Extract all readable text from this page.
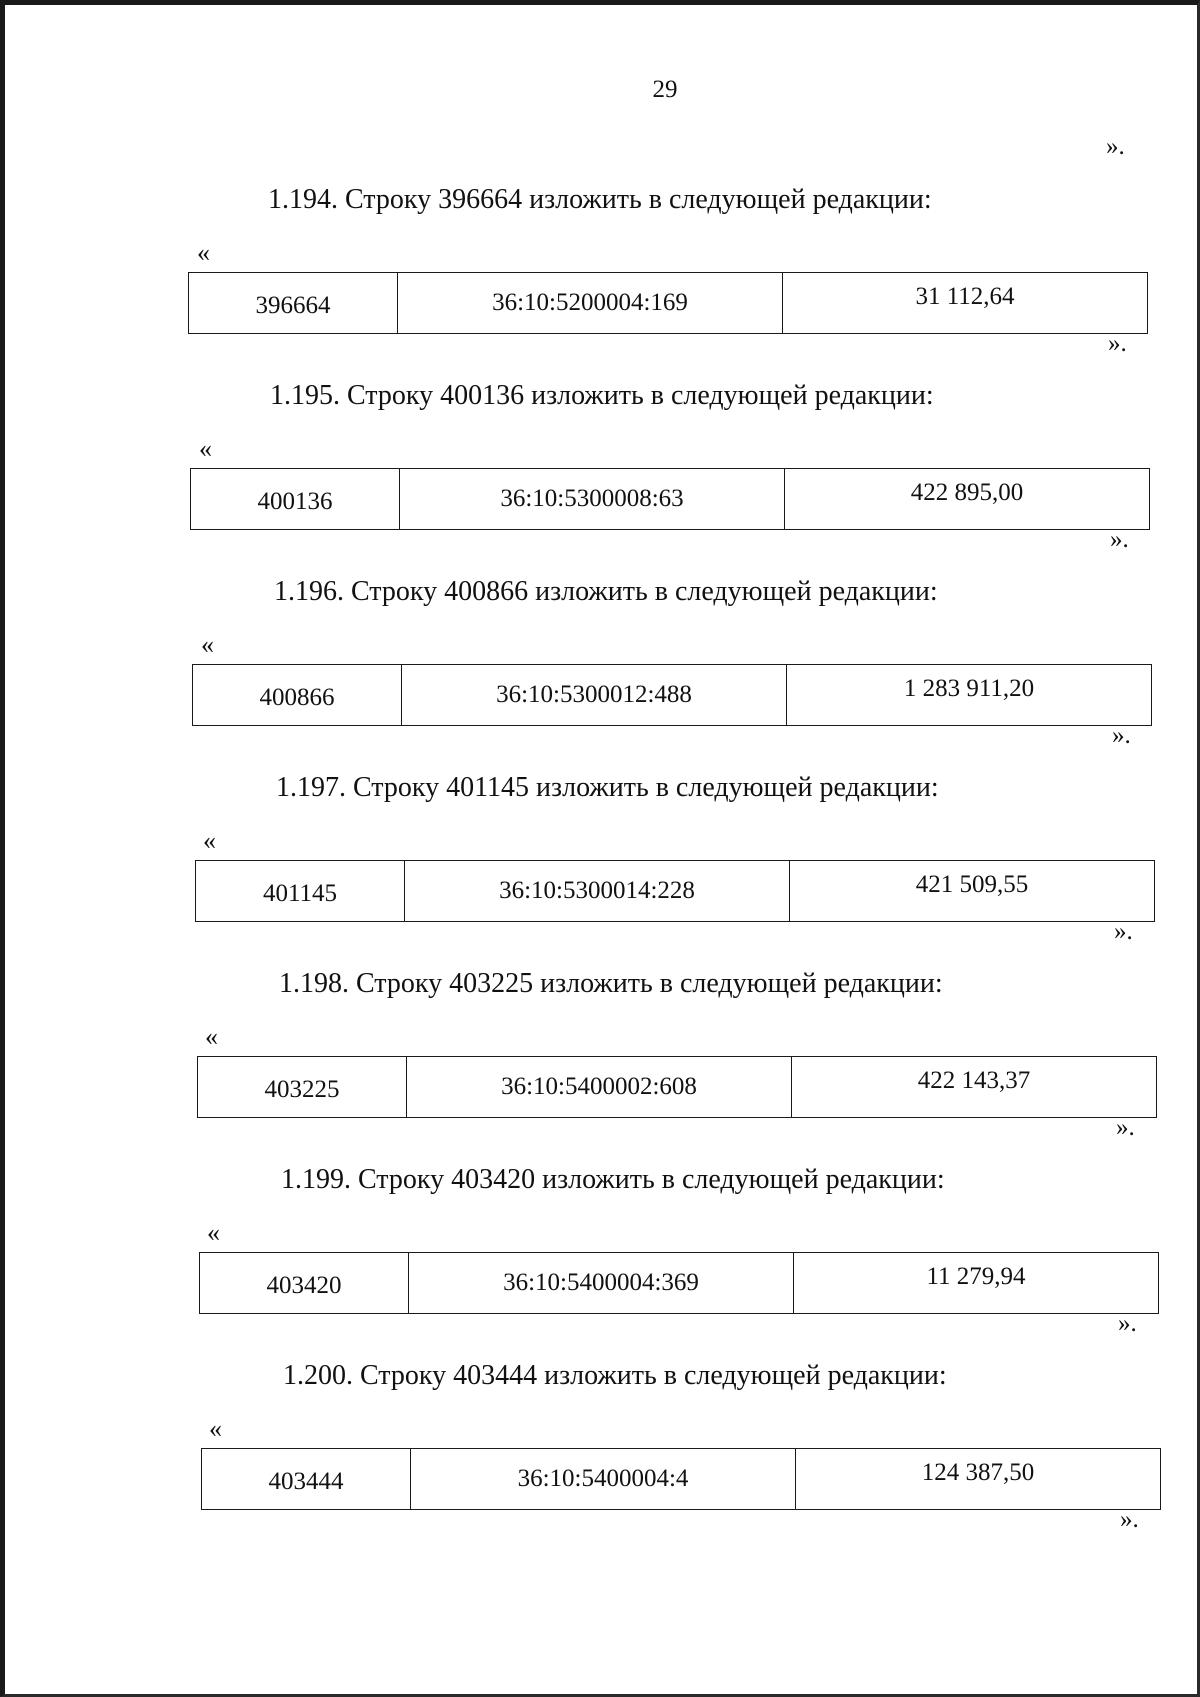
29
».
1.194. Строку 396664 изложить в следующей редакции:
«
396664	36:10:5200004:169	31 112,64
».
1.195. Строку 400136 изложить в следующей редакции:
«
400136	36:10:5300008:63	422 895,00
».
1.196. Строку 400866 изложить в следующей редакции:
«
400866	36:10:5300012:488	1 283 911,20
».
1.197. Строку 401145 изложить в следующей редакции:
«
401145	36:10:5300014:228	421 509,55
».
1.198. Строку 403225 изложить в следующей редакции:
«
403225	36:10:5400002:608	422 143,37
».
1.199. Строку 403420 изложить в следующей редакции:
«
403420	36:10:5400004:369	11 279,94
».
1.200. Строку 403444 изложить в следующей редакции:
«
403444	36:10:5400004:4	124 387,50
».
